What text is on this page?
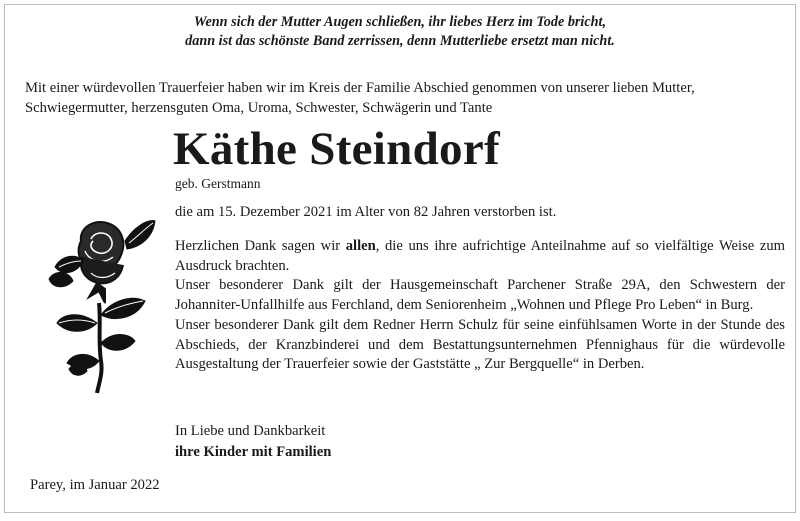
Wenn sich der Mutter Augen schließen, ihr liebes Herz im Tode bricht,
dann ist das schönste Band zerrissen, denn Mutterliebe ersetzt man nicht.
Mit einer würdevollen Trauerfeier haben wir im Kreis der Familie Abschied genommen von unserer lieben Mutter,
Schwiegermutter, herzensguten Oma, Uroma, Schwester, Schwägerin und Tante
Käthe Steindorf
geb. Gerstmann
die am 15. Dezember 2021 im Alter von 82 Jahren verstorben ist.

Herzlichen Dank sagen wir allen, die uns ihre aufrichtige Anteilnahme auf so vielfältige Weise zum Ausdruck brachten.

Unser besonderer Dank gilt der Hausgemeinschaft Parchener Straße 29A, den Schwestern der Johanniter-Unfallhilfe aus Ferchland, dem Seniorenheim „Wohnen und Pflege Pro Leben“ in Burg.

Unser besonderer Dank gilt dem Redner Herrn Schulz für seine einfühlsamen Worte in der Stunde des Abschieds, der Kranzbinderei und dem Bestattungsunternehmen Pfennighaus für die würdevolle Ausgestaltung der Trauerfeier sowie der Gaststätte „ Zur Bergquelle“ in Derben.

In Liebe und Dankbarkeit
ihre Kinder mit Familien
Parey, im Januar 2022
